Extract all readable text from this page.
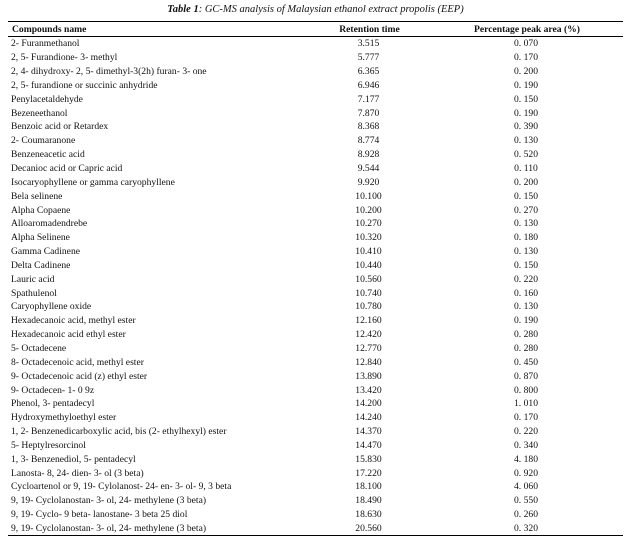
Table 1: GC-MS analysis of Malaysian ethanol extract propolis (EEP)
Compounds name	Retention time	Percentage peak area (%)
2- Furanmethanol	3.515	0. 070
2, 5- Furandione- 3- methyl	5.777	0. 170
2, 4- dihydroxy- 2, 5- dimethyl-3(2h) furan- 3- one	6.365	0. 200
2, 5- furandione or succinic anhydride	6.946	0. 190
Penylacetaldehyde	7.177	0. 150
Bezeneethanol	7.870	0. 190
Benzoic acid or Retardex	8.368	0. 390
2- Coumaranone	8.774	0. 130
Benzeneacetic acid	8.928	0. 520
Decanioc acid or Capric acid	9.544	0. 110
Isocaryophyllene or gamma caryophyllene	9.920	0. 200
Bela selinene	10.100	0. 150
Alpha Copaene	10.200	0. 270
Alloaromadendrebe	10.270	0. 130
Alpha Selinene	10.320	0. 180
Gamma Cadinene	10.410	0. 130
Delta Cadinene	10.440	0. 150
Lauric acid	10.560	0. 220
Spathulenol	10.740	0. 160
Caryophyllene oxide	10.780	0. 130
Hexadecanoic acid, methyl ester	12.160	0. 190
Hexadecanoic acid ethyl ester	12.420	0. 280
5- Octadecene	12.770	0. 280
8- Octadecenoic acid, methyl ester	12.840	0. 450
9- Octadecenoic acid (z) ethyl ester	13.890	0. 870
9- Octadecen- 1- 0 9z	13.420	0. 800
Phenol, 3- pentadecyl	14.200	1. 010
Hydroxymethyloethyl ester	14.240	0. 170
1, 2- Benzenedicarboxylic acid, bis (2- ethylhexyl) ester	14.370	0. 220
5- Heptylresorcinol	14.470	0. 340
1, 3- Benzenediol, 5- pentadecyl	15.830	4. 180
Lanosta- 8, 24- dien- 3- ol (3 beta)	17.220	0. 920
Cycloartenol or 9, 19- Cylolanost- 24- en- 3- ol- 9, 3 beta	18.100	4. 060
9, 19- Cyclolanostan- 3- ol, 24- methylene (3 beta)	18.490	0. 550
9, 19- Cyclo- 9 beta- lanostane- 3 beta 25 diol	18.630	0. 260
9, 19- Cyclolanostan- 3- ol, 24- methylene (3 beta)	20.560	0. 320
